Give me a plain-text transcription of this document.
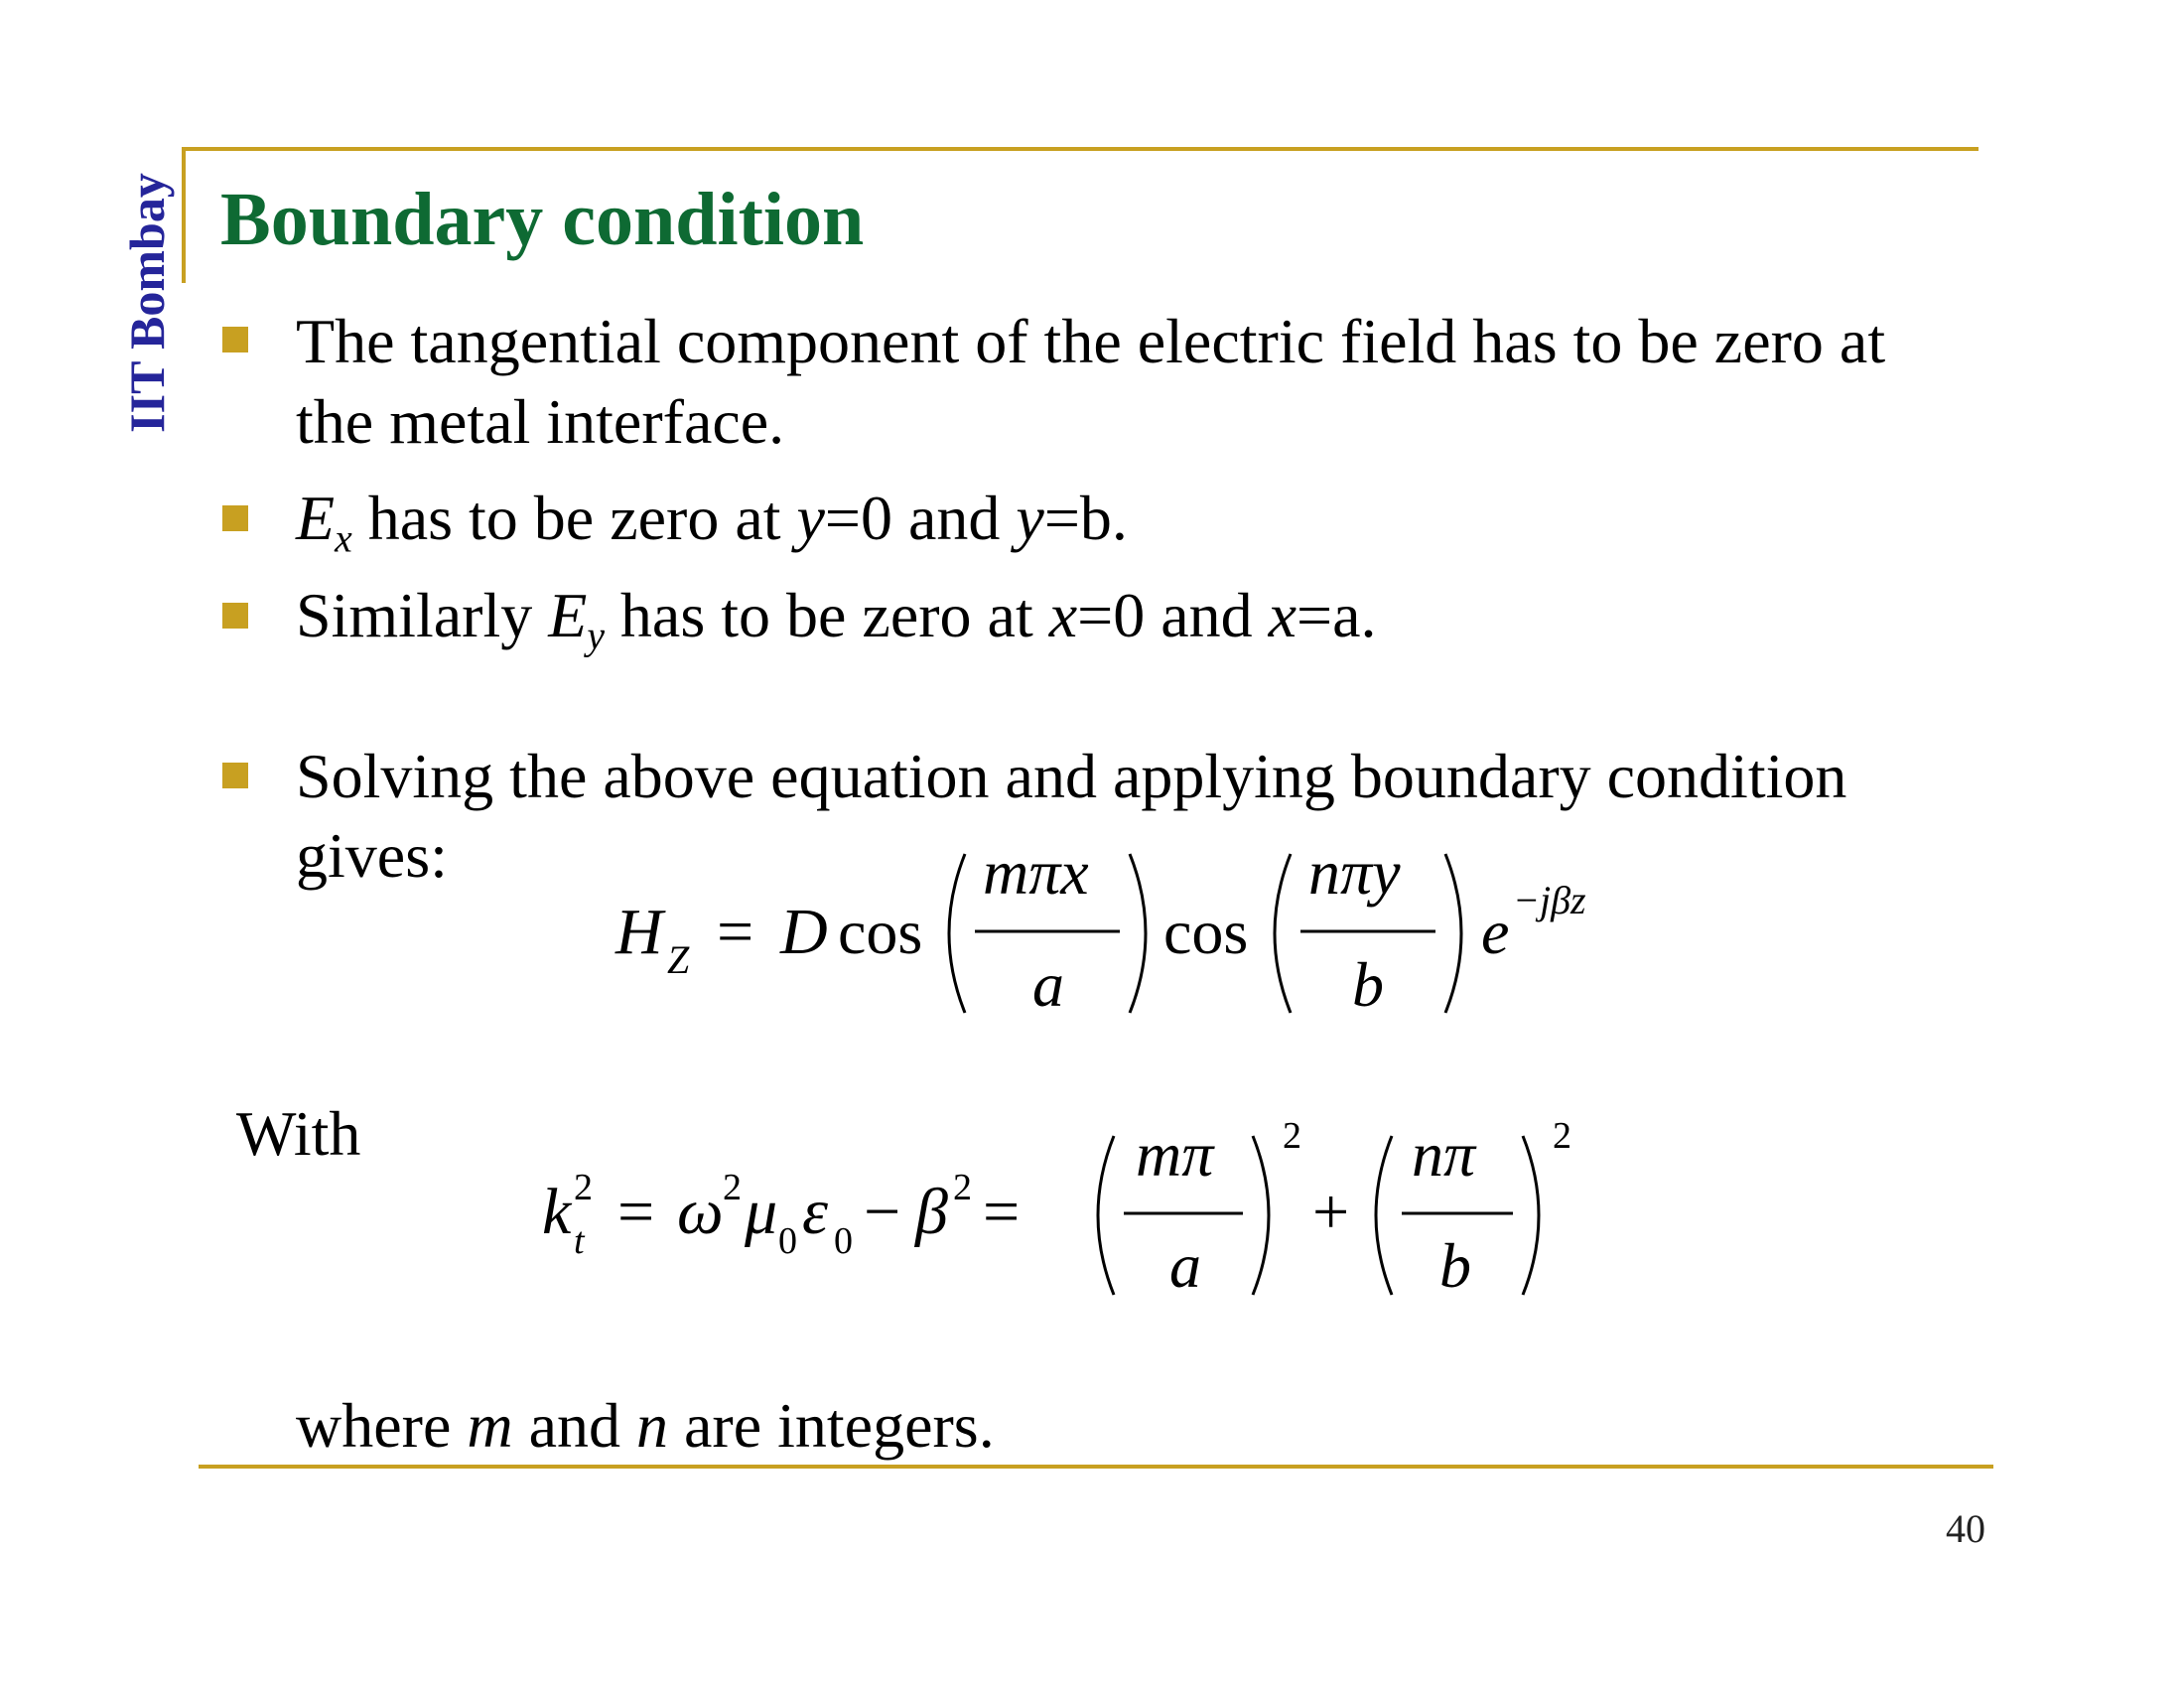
IIT Bombay Boundary condition
The tangential component of the electric field has to be zero at
the metal interface.
$E_x$ has to be zero at y=0 and y=b.
Similarly $E_y$ has to be zero at x=0 and x=a.
Solving the above equation and applying boundary condition
gives:
H Z = D cos
mπx
a
cos
nπy
b
e −jβz
With
k 2
t = ω 2 μ 0 ε 0 − β 2 =
mπ
a
2
+
nπ
b
2
where m and n are integers.
40
